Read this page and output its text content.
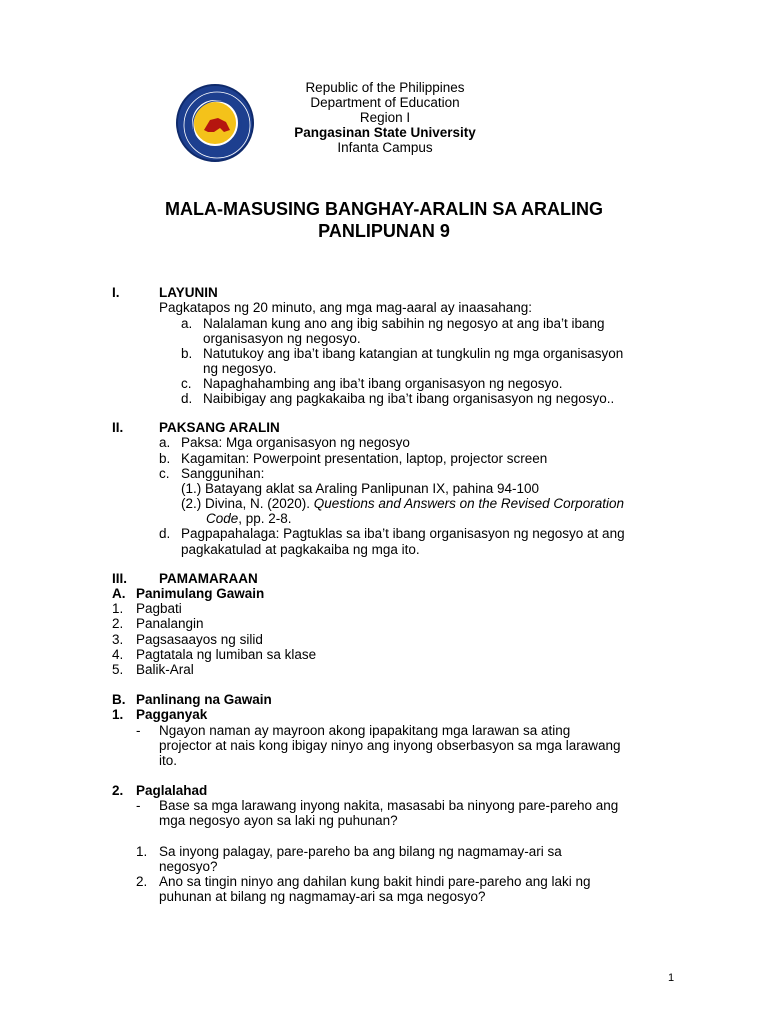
Republic of the Philippines
Department of Education
Region I
Pangasinan State University
Infanta Campus
MALA-MASUSING BANGHAY-ARALIN SA ARALING
PANLIPUNAN 9
I.	LAYUNIN
Pagkatapos ng 20 minuto, ang mga mag-aaral ay inaasahang:
a. Nalalaman kung ano ang ibig sabihin ng negosyo at ang iba’t ibang
organisasyon ng negosyo.
b. Natutukoy ang iba’t ibang katangian at tungkulin ng mga organisasyon
ng negosyo.
c. Napaghahambing ang iba’t ibang organisasyon ng negosyo.
d. Naibibigay ang pagkakaiba ng iba’t ibang organisasyon ng negosyo..
II.	PAKSANG ARALIN
a. Paksa: Mga organisasyon ng negosyo
b. Kagamitan: Powerpoint presentation, laptop, projector screen
c. Sanggunihan:
(1.) Batayang aklat sa Araling Panlipunan IX, pahina 94-100
(2.) Divina, N. (2020). Questions and Answers on the Revised Corporation
Code, pp. 2-8.
d. Pagpapahalaga: Pagtuklas sa iba’t ibang organisasyon ng negosyo at ang
pagkakatulad at pagkakaiba ng mga ito.
III. PAMAMARAAN
A. Panimulang Gawain
1. Pagbati
2. Panalangin
3. Pagsasaayos ng silid
4. Pagtatala ng lumiban sa klase
5. Balik-Aral
B. Panlinang na Gawain
1. Pagganyak
- Ngayon naman ay mayroon akong ipapakitang mga larawan sa ating
projector at nais kong ibigay ninyo ang inyong obserbasyon sa mga larawang
ito.
2. Paglalahad
- Base sa mga larawang inyong nakita, masasabi ba ninyong pare-pareho ang
mga negosyo ayon sa laki ng puhunan?
1. Sa inyong palagay, pare-pareho ba ang bilang ng nagmamay-ari sa
negosyo?
2. Ano sa tingin ninyo ang dahilan kung bakit hindi pare-pareho ang laki ng
puhunan at bilang ng nagmamay-ari sa mga negosyo?
1
